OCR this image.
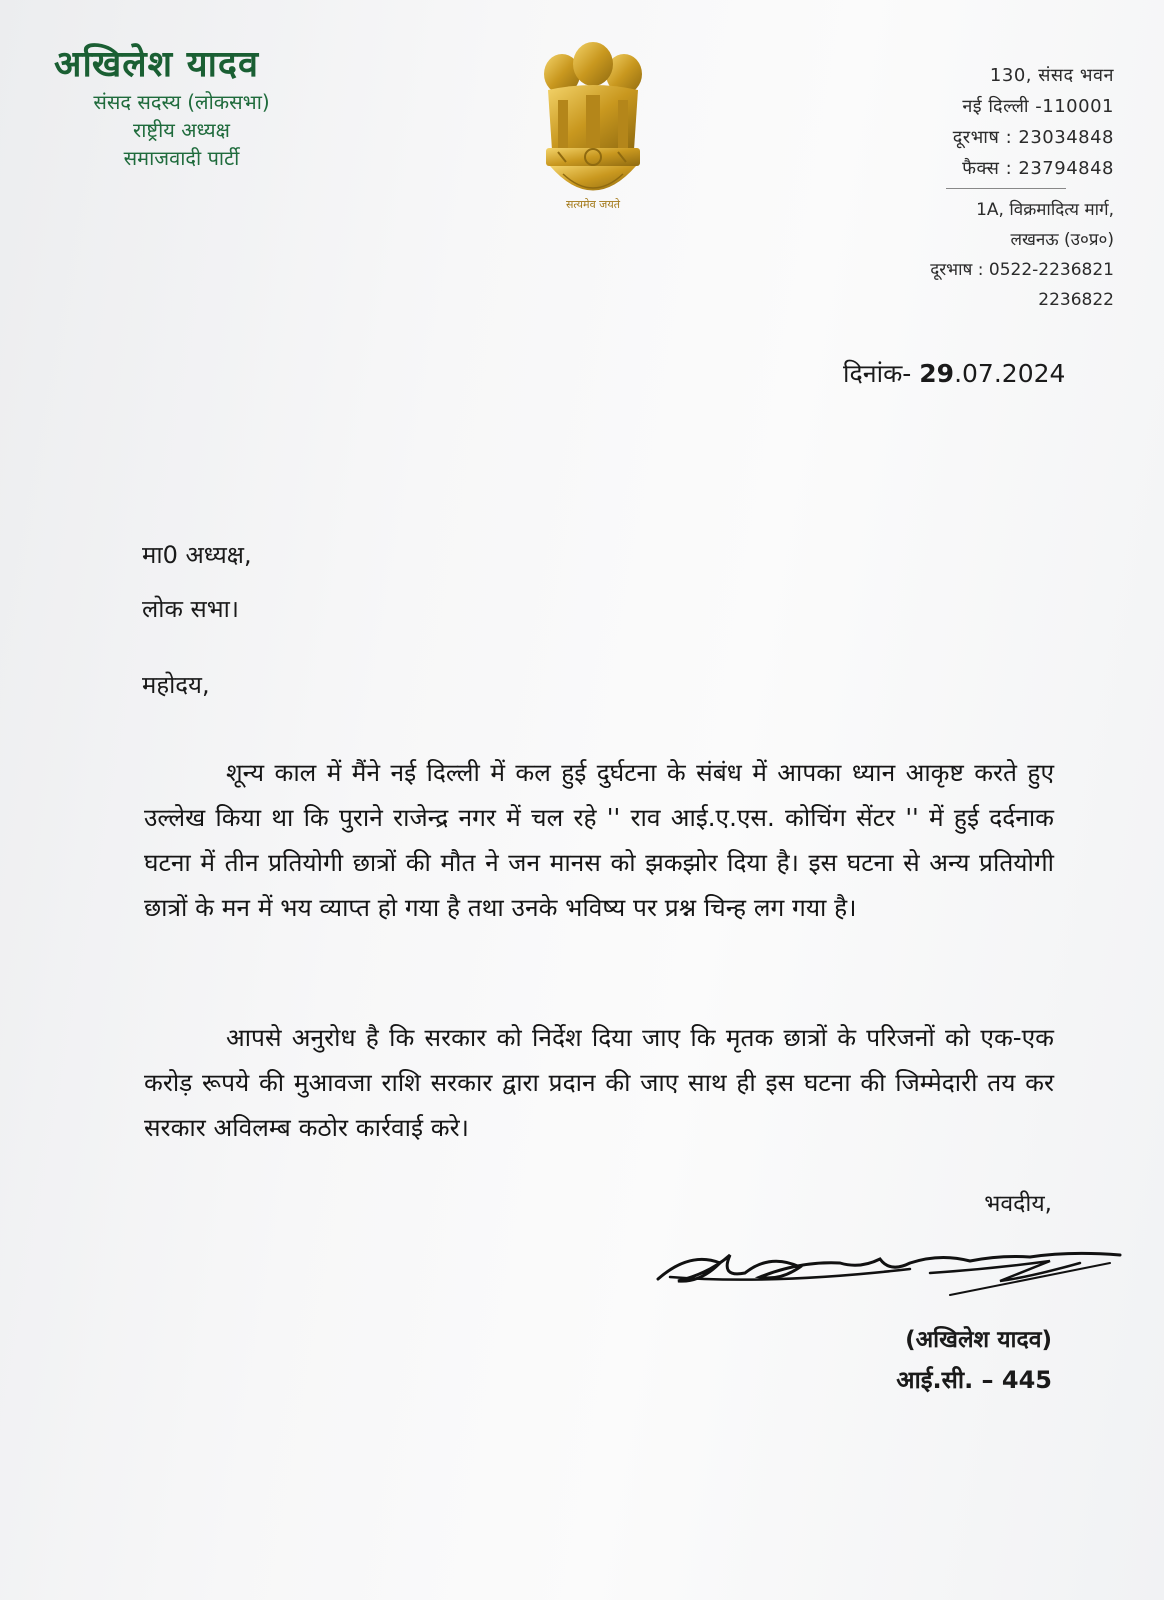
अखिलेश यादव

संसद सदस्य (लोकसभा)
राष्ट्रीय अध्यक्ष
समाजवादी पार्टी
सत्यमेव जयते
130, संसद भवन
नई दिल्ली -110001
दूरभाष : 23034848
फैक्स : 23794848
1A, विक्रमादित्य मार्ग,
लखनऊ (उ०प्र०)
दूरभाष : 0522-2236821
2236822
दिनांक- 29.07.2024
मा0 अध्यक्ष,
लोक सभा।
महोदय,
शून्य काल में मैंने नई दिल्ली में कल हुई दुर्घटना के संबंध में आपका ध्यान आकृष्ट करते हुए उल्लेख किया था कि पुराने राजेन्द्र नगर में चल रहे '' राव आई.ए.एस. कोचिंग सेंटर '' में हुई दर्दनाक घटना में तीन प्रतियोगी छात्रों की मौत ने जन मानस को झकझोर दिया है। इस घटना से अन्य प्रतियोगी छात्रों के मन में भय व्याप्त हो गया है तथा उनके भविष्य पर प्रश्न चिन्ह लग गया है।
आपसे अनुरोध है कि सरकार को निर्देश दिया जाए कि मृतक छात्रों के परिजनों को एक-एक करोड़ रूपये की मुआवजा राशि सरकार द्वारा प्रदान की जाए साथ ही इस घटना की जिम्मेदारी तय कर सरकार अविलम्ब कठोर कार्रवाई करे।
भवदीय,
(अखिलेश यादव)
आई.सी. – 445
